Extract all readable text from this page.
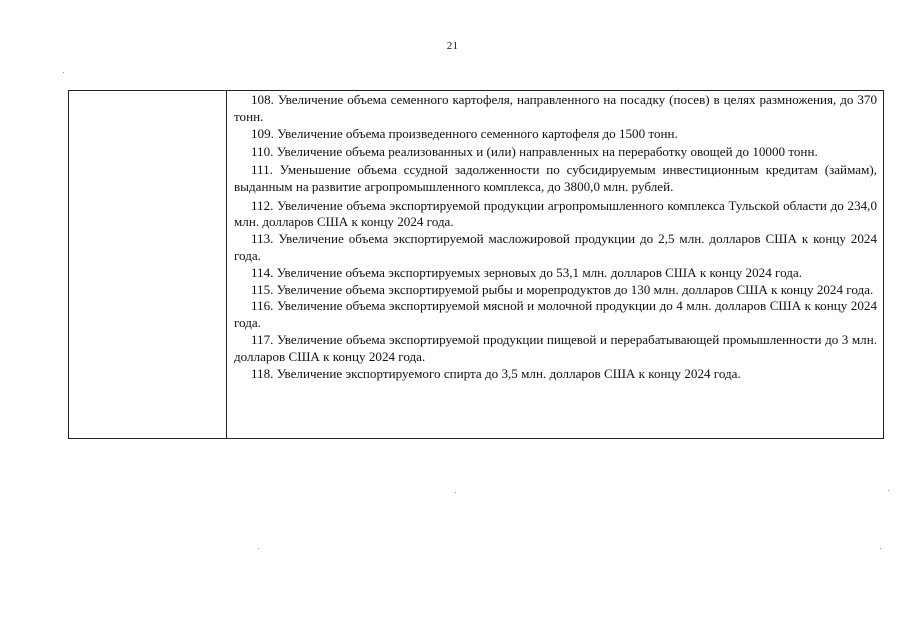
21

108. Увеличение объема семенного картофеля, направленного на посадку (посев) в целях размножения, до 370 тонн.

109. Увеличение объема произведенного семенного картофеля до 1500 тонн.

110. Увеличение объема реализованных и (или) направленных на переработку овощей до 10000 тонн.

111. Уменьшение объема ссудной задолженности по субсидируемым инвестиционным кредитам (займам), выданным на развитие агропромышленного комплекса, до 3800,0 млн. рублей.

112. Увеличение объема экспортируемой продукции агропромышленного комплекса Тульской области до 234,0 млн. долларов США к концу 2024 года.

113. Увеличение объема экспортируемой масложировой продукции до 2,5 млн. долларов США к концу 2024 года.

114. Увеличение объема экспортируемых зерновых до 53,1 млн. долларов США к концу 2024 года.

115. Увеличение объема экспортируемой рыбы и морепродуктов до 130 млн. долларов США к концу 2024 года.

116. Увеличение объема экспортируемой мясной и молочной продукции до 4 млн. долларов США к концу 2024 года.

117. Увеличение объема экспортируемой продукции пищевой и перерабатывающей промышленности до 3 млн. долларов США к концу 2024 года.

118. Увеличение экспортируемого спирта до 3,5 млн. долларов США к концу 2024 года.
